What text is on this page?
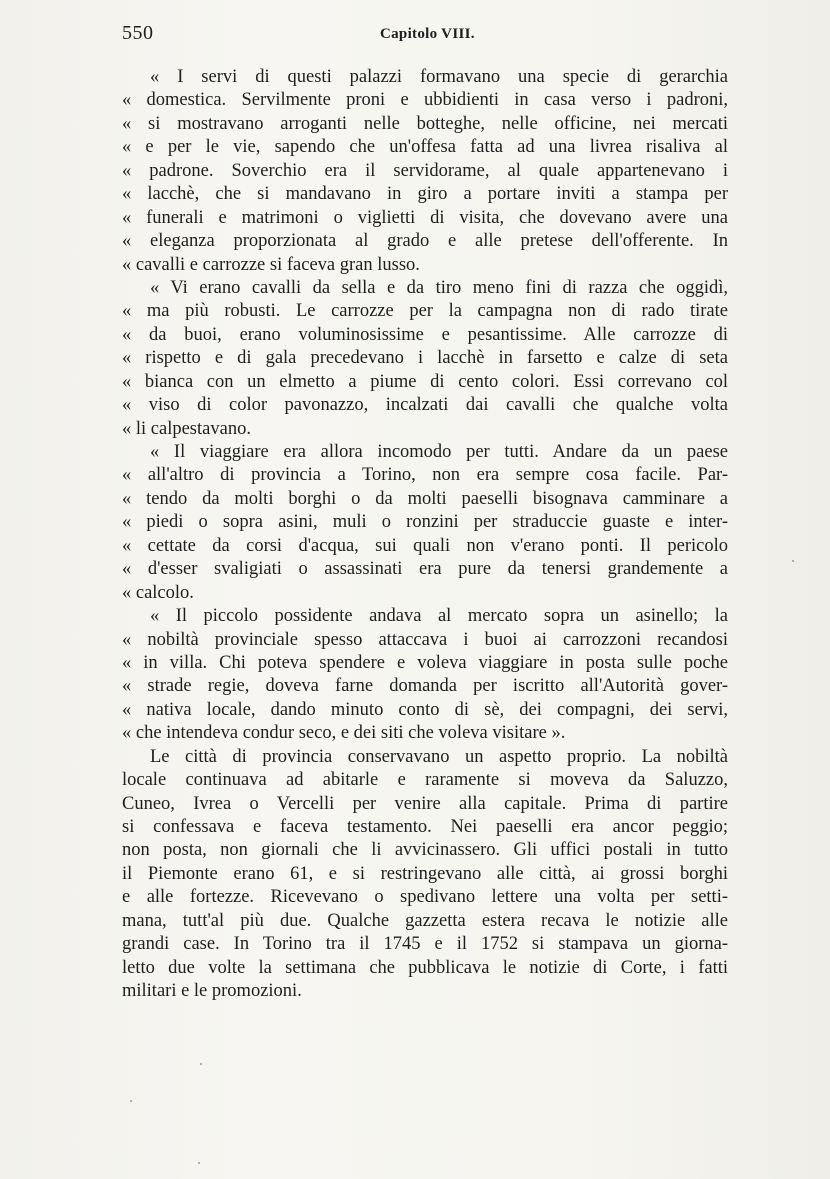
550	Capitolo VIII.
« I servi di questi palazzi formavano una specie di gerarchia
« domestica. Servilmente proni e ubbidienti in casa verso i padroni,
« si mostravano arroganti nelle botteghe, nelle officine, nei mercati
« e per le vie, sapendo che un'offesa fatta ad una livrea risaliva al
« padrone. Soverchio era il servidorame, al quale appartenevano i
« lacchè, che si mandavano in giro a portare inviti a stampa per
« funerali e matrimoni o viglietti di visita, che dovevano avere una
« eleganza proporzionata al grado e alle pretese dell'offerente. In
« cavalli e carrozze si faceva gran lusso.
« Vi erano cavalli da sella e da tiro meno fini di razza che oggidì,
« ma più robusti. Le carrozze per la campagna non di rado tirate
« da buoi, erano voluminosissime e pesantissime. Alle carrozze di
« rispetto e di gala precedevano i lacchè in farsetto e calze di seta
« bianca con un elmetto a piume di cento colori. Essi correvano col
« viso di color pavonazzo, incalzati dai cavalli che qualche volta
« li calpestavano.
« Il viaggiare era allora incomodo per tutti. Andare da un paese
« all'altro di provincia a Torino, non era sempre cosa facile. Par-
« tendo da molti borghi o da molti paeselli bisognava camminare a
« piedi o sopra asini, muli o ronzini per straduccie guaste e inter-
« cettate da corsi d'acqua, sui quali non v'erano ponti. Il pericolo
« d'esser svaligiati o assassinati era pure da tenersi grandemente a
« calcolo.
« Il piccolo possidente andava al mercato sopra un asinello; la
« nobiltà provinciale spesso attaccava i buoi ai carrozzoni recandosi
« in villa. Chi poteva spendere e voleva viaggiare in posta sulle poche
« strade regie, doveva farne domanda per iscritto all'Autorità gover-
« nativa locale, dando minuto conto di sè, dei compagni, dei servi,
« che intendeva condur seco, e dei siti che voleva visitare ».
Le città di provincia conservavano un aspetto proprio. La nobiltà
locale continuava ad abitarle e raramente si moveva da Saluzzo,
Cuneo, Ivrea o Vercelli per venire alla capitale. Prima di partire
si confessava e faceva testamento. Nei paeselli era ancor peggio;
non posta, non giornali che li avvicinassero. Gli uffici postali in tutto
il Piemonte erano 61, e si restringevano alle città, ai grossi borghi
e alle fortezze. Ricevevano o spedivano lettere una volta per setti-
mana, tutt'al più due. Qualche gazzetta estera recava le notizie alle
grandi case. In Torino tra il 1745 e il 1752 si stampava un giorna-
letto due volte la settimana che pubblicava le notizie di Corte, i fatti
militari e le promozioni.
